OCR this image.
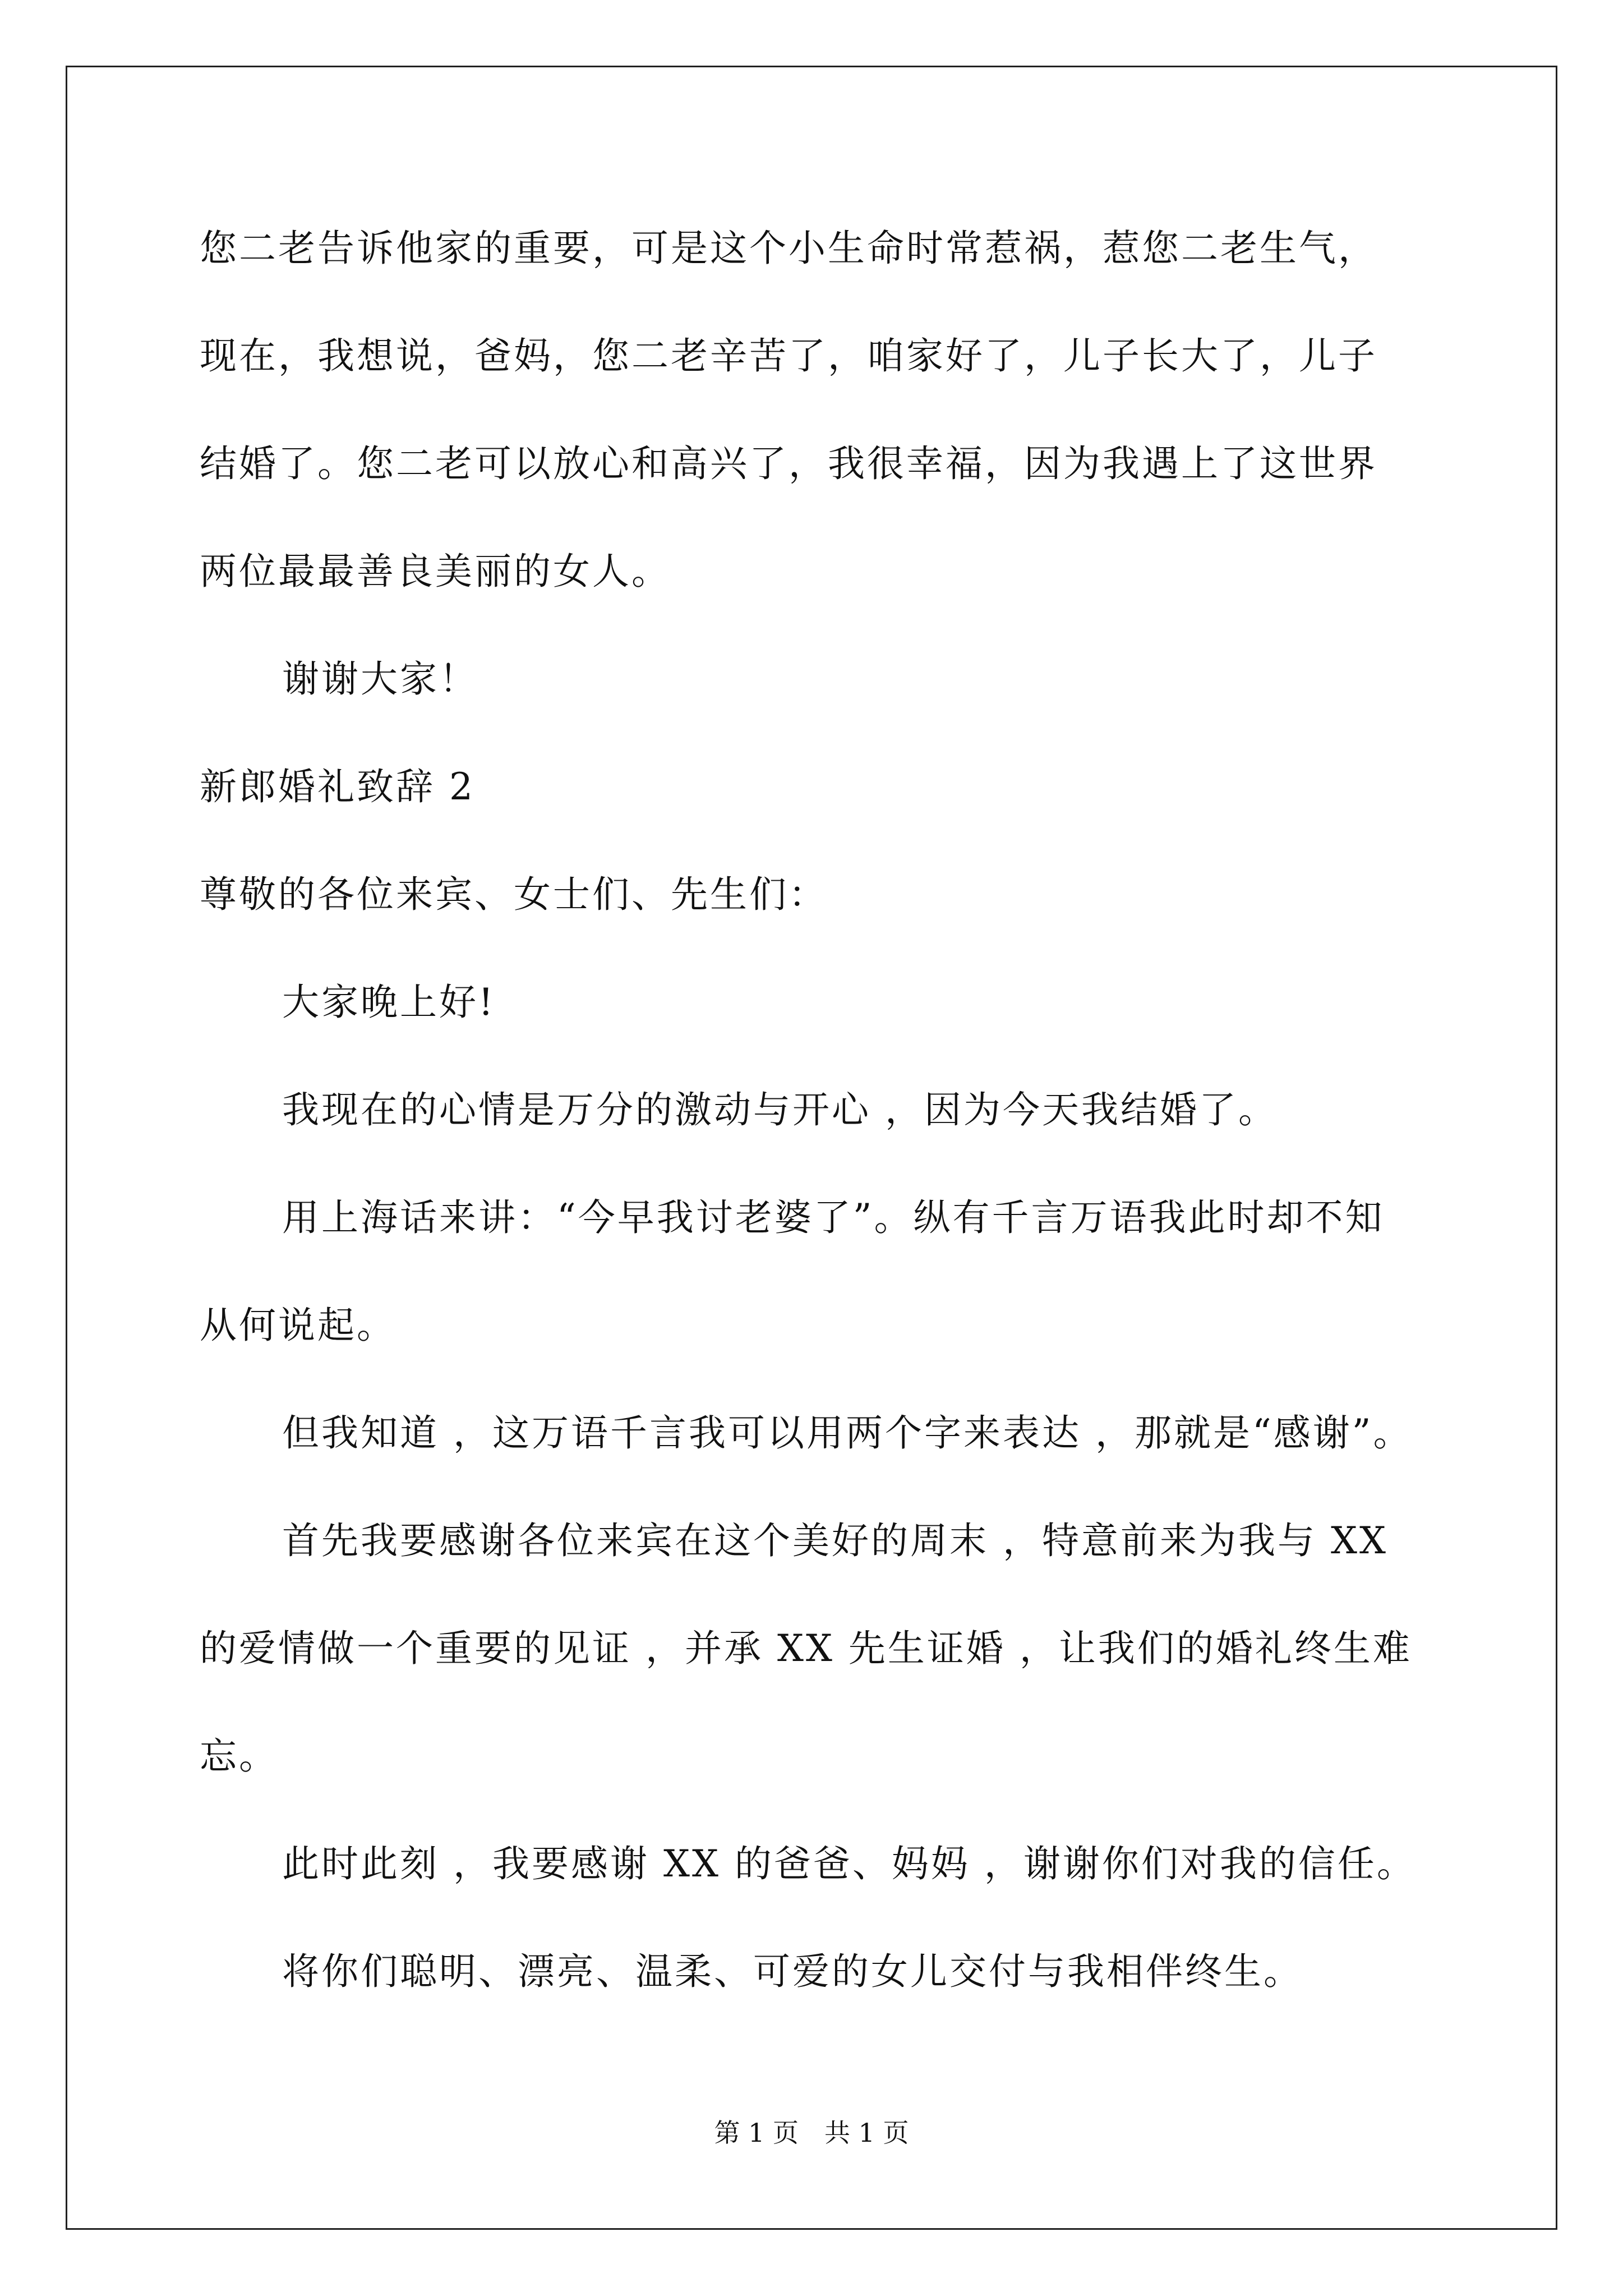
您二老告诉他家的重要，可是这个小生命时常惹祸，惹您二老生气，
现在，我想说，爸妈，您二老辛苦了，咱家好了，儿子长大了，儿子
结婚了。您二老可以放心和高兴了，我很幸福，因为我遇上了这世界
两位最最善良美丽的女人。
谢谢大家！
新郎婚礼致辞 2
尊敬的各位来宾、女士们、先生们：
大家晚上好!
我现在的心情是万分的激动与开心 ，因为今天我结婚了。
用上海话来讲：“今早我讨老婆了”。纵有千言万语我此时却不知
从何说起。
但我知道 ，这万语千言我可以用两个字来表达 ，那就是“感谢”。
首先我要感谢各位来宾在这个美好的周末 ，特意前来为我与 XX
的爱情做一个重要的见证 ，并承 XX 先生证婚 ，让我们的婚礼终生难
忘。
此时此刻 ，我要感谢 XX 的爸爸、妈妈 ，谢谢你们对我的信任。
将你们聪明、漂亮、温柔、可爱的女儿交付与我相伴终生。
第 1 页　共 1 页
